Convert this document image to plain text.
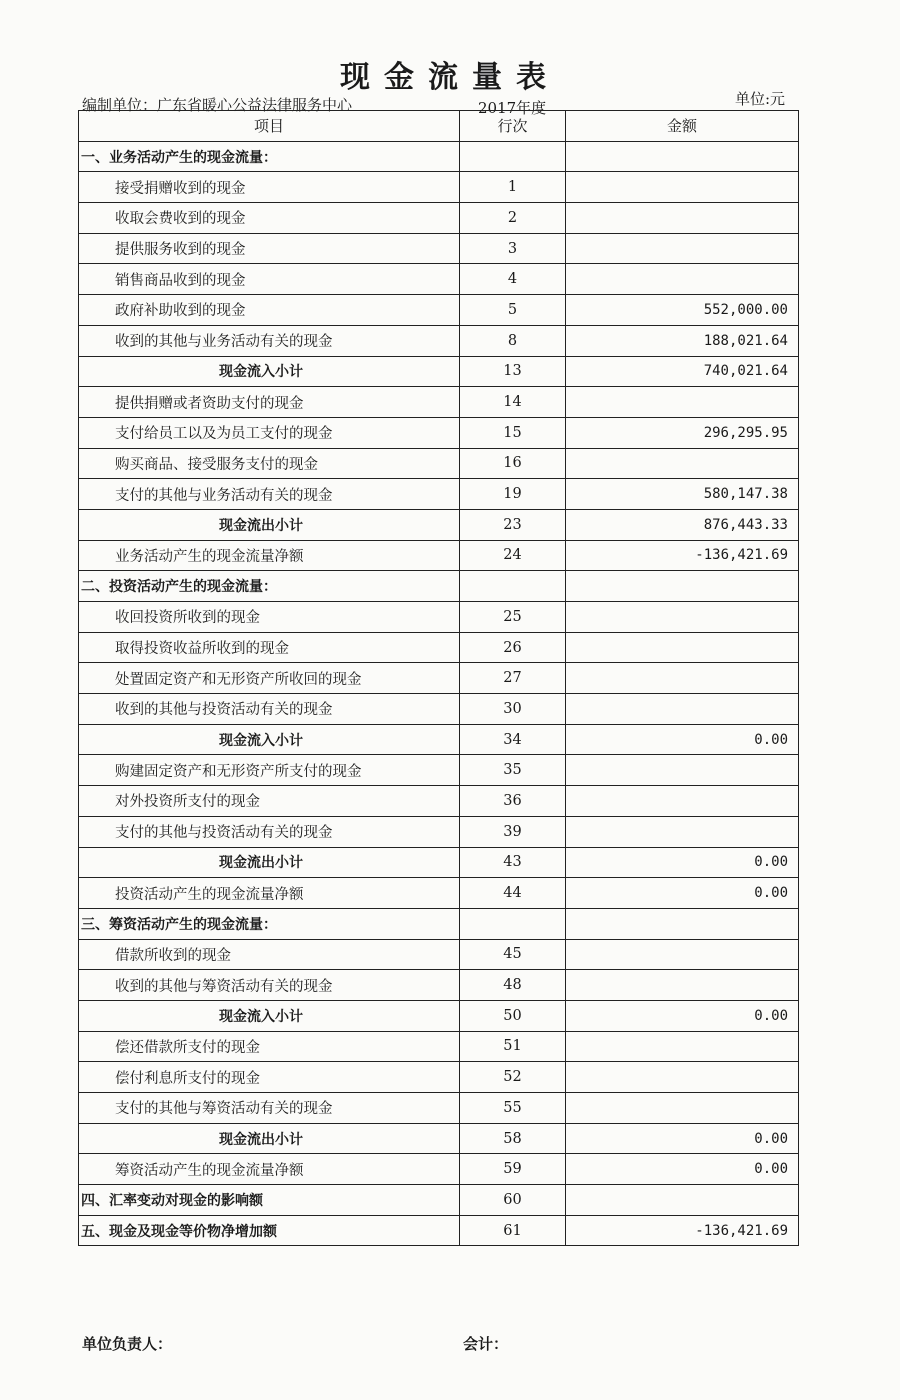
现金流量表
编制单位：广东省暖心公益法律服务中心	2017年度	单位:元
项目	行次	金额
一、业务活动产生的现金流量：		
接受捐赠收到的现金	1	
收取会费收到的现金	2	
提供服务收到的现金	3	
销售商品收到的现金	4	
政府补助收到的现金	5	552,000.00
收到的其他与业务活动有关的现金	8	188,021.64
现金流入小计	13	740,021.64
提供捐赠或者资助支付的现金	14	
支付给员工以及为员工支付的现金	15	296,295.95
购买商品、接受服务支付的现金	16	
支付的其他与业务活动有关的现金	19	580,147.38
现金流出小计	23	876,443.33
业务活动产生的现金流量净额	24	-136,421.69
二、投资活动产生的现金流量：		
收回投资所收到的现金	25	
取得投资收益所收到的现金	26	
处置固定资产和无形资产所收回的现金	27	
收到的其他与投资活动有关的现金	30	
现金流入小计	34	0.00
购建固定资产和无形资产所支付的现金	35	
对外投资所支付的现金	36	
支付的其他与投资活动有关的现金	39	
现金流出小计	43	0.00
投资活动产生的现金流量净额	44	0.00
三、筹资活动产生的现金流量：		
借款所收到的现金	45	
收到的其他与筹资活动有关的现金	48	
现金流入小计	50	0.00
偿还借款所支付的现金	51	
偿付利息所支付的现金	52	
支付的其他与筹资活动有关的现金	55	
现金流出小计	58	0.00
筹资活动产生的现金流量净额	59	0.00
四、汇率变动对现金的影响额	60	
五、现金及现金等价物净增加额	61	-136,421.69
单位负责人：	会计：
